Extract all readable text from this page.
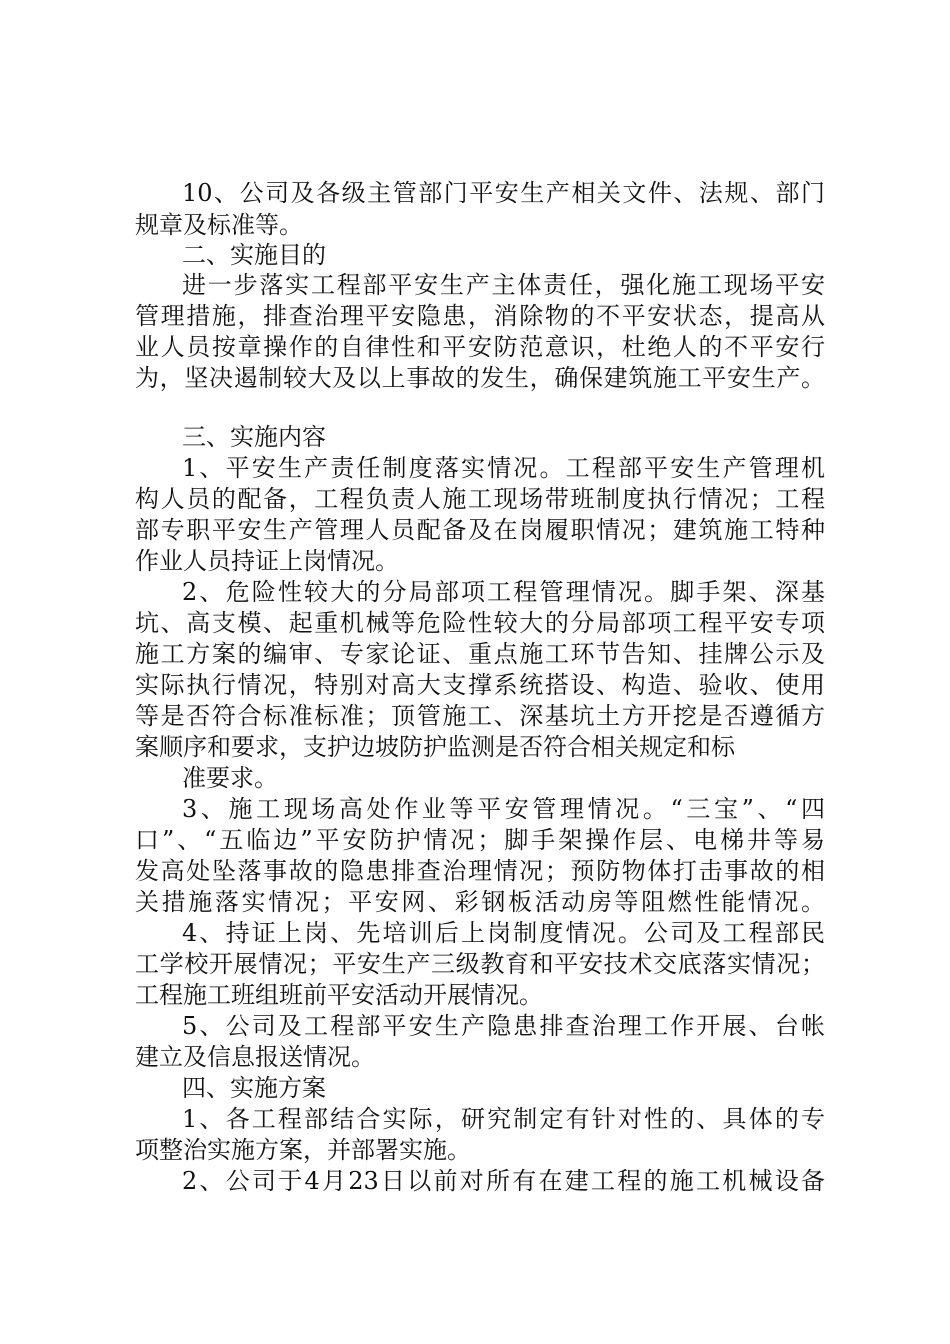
10、公司及各级主管部门平安生产相关文件、法规、部门
规章及标准等。
二、实施目的
进一步落实工程部平安生产主体责任，强化施工现场平安
管理措施，排查治理平安隐患，消除物的不平安状态，提高从
业人员按章操作的自律性和平安防范意识，杜绝人的不平安行
为，坚决遏制较大及以上事故的发生，确保建筑施工平安生产。
三、实施内容
1、平安生产责任制度落实情况。工程部平安生产管理机
构人员的配备，工程负责人施工现场带班制度执行情况；工程
部专职平安生产管理人员配备及在岗履职情况；建筑施工特种
作业人员持证上岗情况。
2、危险性较大的分局部项工程管理情况。脚手架、深基
坑、高支模、起重机械等危险性较大的分局部项工程平安专项
施工方案的编审、专家论证、重点施工环节告知、挂牌公示及
实际执行情况，特别对高大支撑系统搭设、构造、验收、使用
等是否符合标准标准；顶管施工、深基坑土方开挖是否遵循方
案顺序和要求，支护边坡防护监测是否符合相关规定和标
准要求。
3、施工现场高处作业等平安管理情况。“三宝”、“四
口”、“五临边”平安防护情况；脚手架操作层、电梯井等易
发高处坠落事故的隐患排查治理情况；预防物体打击事故的相
关措施落实情况；平安网、彩钢板活动房等阻燃性能情况。
4、持证上岗、先培训后上岗制度情况。公司及工程部民
工学校开展情况；平安生产三级教育和平安技术交底落实情况；
工程施工班组班前平安活动开展情况。
5、公司及工程部平安生产隐患排查治理工作开展、台帐
建立及信息报送情况。
四、实施方案
1、各工程部结合实际，研究制定有针对性的、具体的专
项整治实施方案，并部署实施。
2、公司于4月23日以前对所有在建工程的施工机械设备
